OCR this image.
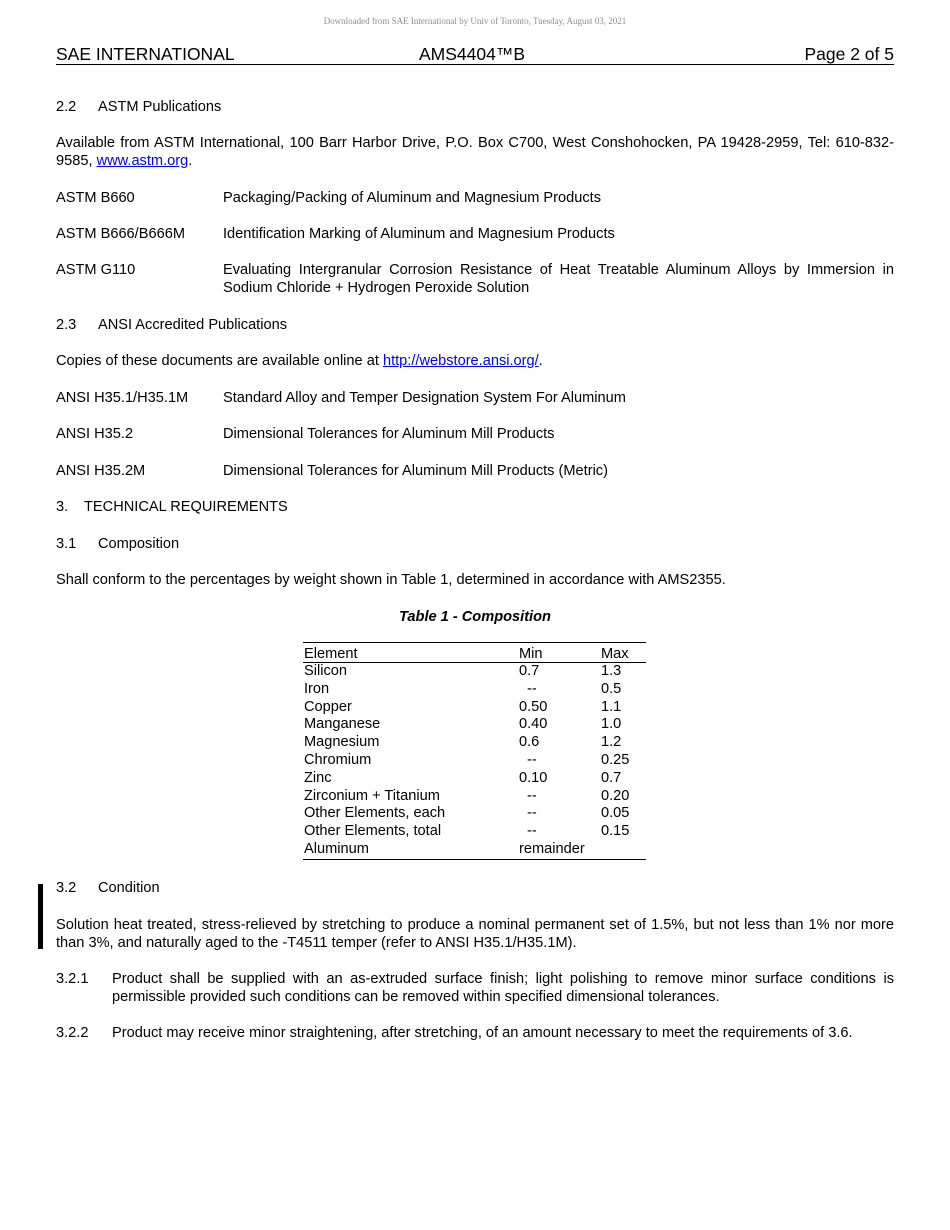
Downloaded from SAE International by Univ of Toronto, Tuesday, August 03, 2021
SAE INTERNATIONAL	AMS4404™B	Page 2 of 5
2.2 ASTM Publications
Available from ASTM International, 100 Barr Harbor Drive, P.O. Box C700, West Conshohocken, PA 19428-2959, Tel: 610-832-9585, www.astm.org.
ASTM B660	Packaging/Packing of Aluminum and Magnesium Products
ASTM B666/B666M	Identification Marking of Aluminum and Magnesium Products
ASTM G110	Evaluating Intergranular Corrosion Resistance of Heat Treatable Aluminum Alloys by Immersion in Sodium Chloride + Hydrogen Peroxide Solution
2.3 ANSI Accredited Publications
Copies of these documents are available online at http://webstore.ansi.org/.
ANSI H35.1/H35.1M Standard Alloy and Temper Designation System For Aluminum
ANSI H35.2	Dimensional Tolerances for Aluminum Mill Products
ANSI H35.2M	Dimensional Tolerances for Aluminum Mill Products (Metric)
3. TECHNICAL REQUIREMENTS
3.1 Composition
Shall conform to the percentages by weight shown in Table 1, determined in accordance with AMS2355.
Table 1 - Composition
Element	Min	Max
Silicon	0.7	1.3
Iron	--	0.5
Copper	0.50	1.1
Manganese	0.40	1.0
Magnesium	0.6	1.2
Chromium	--	0.25
Zinc	0.10	0.7
Zirconium + Titanium	--	0.20
Other Elements, each	--	0.05
Other Elements, total	--	0.15
Aluminum	remainder
3.2 Condition
Solution heat treated, stress-relieved by stretching to produce a nominal permanent set of 1.5%, but not less than 1% nor more than 3%, and naturally aged to the -T4511 temper (refer to ANSI H35.1/H35.1M).
3.2.1 Product shall be supplied with an as-extruded surface finish; light polishing to remove minor surface conditions is permissible provided such conditions can be removed within specified dimensional tolerances.
3.2.2 Product may receive minor straightening, after stretching, of an amount necessary to meet the requirements of 3.6.
